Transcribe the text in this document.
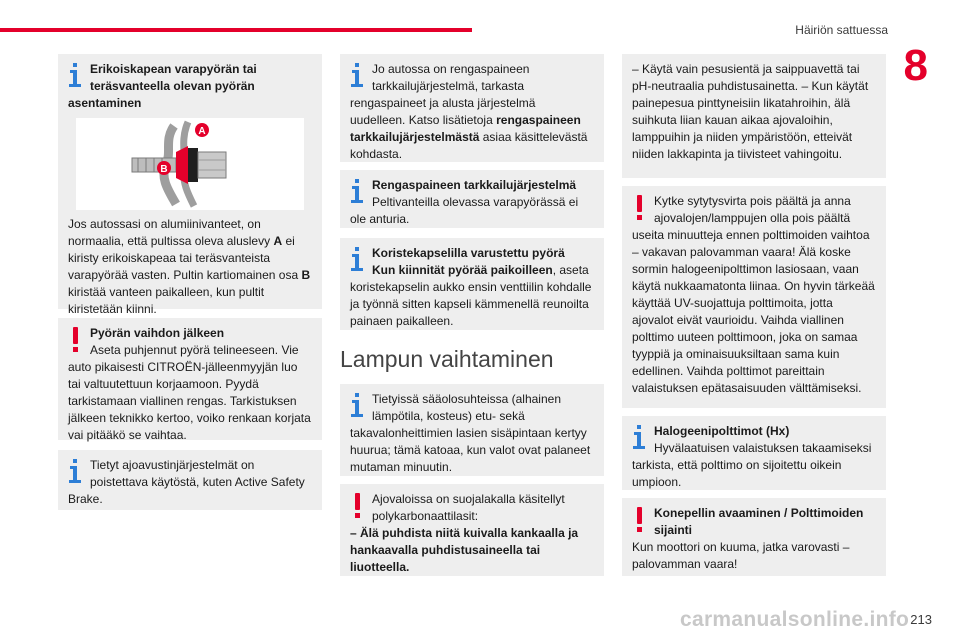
Häiriön sattuessa
8

Erikoiskapean varapyörän tai teräsvanteella olevan pyörän asentaminen

A
B

Jos autossasi on alumiinivanteet, on normaalia, että pultissa oleva aluslevy A ei kiristy erikoiskapeaa tai teräsvanteista varapyörää vasten. Pultin kartiomainen osa B kiristää vanteen paikalleen, kun pultit kiristetään kiinni.

Pyörän vaihdon jälkeen

Aseta puhjennut pyörä telineeseen. Vie auto pikaisesti CITROËN-jälleenmyyjän luo tai valtuutettuun korjaamoon. Pyydä tarkistamaan viallinen rengas. Tarkistuksen jälkeen teknikko kertoo, voiko renkaan korjata vai pitääkö se vaihtaa.

Tietyt ajoavustinjärjestelmät on poistettava käytöstä, kuten Active Safety Brake.

Jo autossa on rengaspaineen tarkkailujärjestelmä, tarkasta rengaspaineet ja alusta järjestelmä uudelleen. Katso lisätietoja rengaspaineen tarkkailujärjestelmästä asiaa käsittelevästä kohdasta.

Rengaspaineen tarkkailujärjestelmä

Peltivanteilla olevassa varapyörässä ei ole anturia.

Koristekapselilla varustettu pyörä

Kun kiinnität pyörää paikoilleen, aseta koristekapselin aukko ensin venttiilin kohdalle ja työnnä sitten kapseli kämmenellä reunoilta painaen paikalleen.

Lampun vaihtaminen

Tietyissä sääolosuhteissa (alhainen lämpötila, kosteus) etu- sekä takavalonheittimien lasien sisäpintaan kertyy huurua; tämä katoaa, kun valot ovat palaneet mutaman minuutin.

Ajovaloissa on suojalakalla käsitellyt polykarbonaattilasit:

– Älä puhdista niitä kuivalla kankaalla ja hankaavalla puhdistusaineella tai liuotteella.

– Käytä vain pesusientä ja saippuavettä tai pH-neutraalia puhdistusainetta. – Kun käytät painepesua pinttyneisiin likatahroihin, älä suihkuta liian kauan aikaa ajovaloihin, lamppuihin ja niiden ympäristöön, etteivät niiden lakkapinta ja tiivisteet vahingoitu.

Kytke sytytysvirta pois päältä ja anna ajovalojen/lamppujen olla pois päältä useita minuutteja ennen polttimoiden vaihtoa – vakavan palovamman vaara! Älä koske sormin halogeenipolttimon lasiosaan, vaan käytä nukkaamatonta liinaa. On hyvin tärkeää käyttää UV-suojattuja polttimoita, jotta ajovalot eivät vaurioidu. Vaihda viallinen polttimo uuteen polttimoon, joka on samaa tyyppiä ja ominaisuuksiltaan sama kuin edellinen. Vaihda polttimot pareittain valaistuksen epätasaisuuden välttämiseksi.

Halogeenipolttimot (Hx)

Hyvälaatuisen valaistuksen takaamiseksi tarkista, että polttimo on sijoitettu oikein umpioon.

Konepellin avaaminen / Polttimoiden sijainti

Kun moottori on kuuma, jatka varovasti – palovamman vaara!

carmanualsonline.info 213
